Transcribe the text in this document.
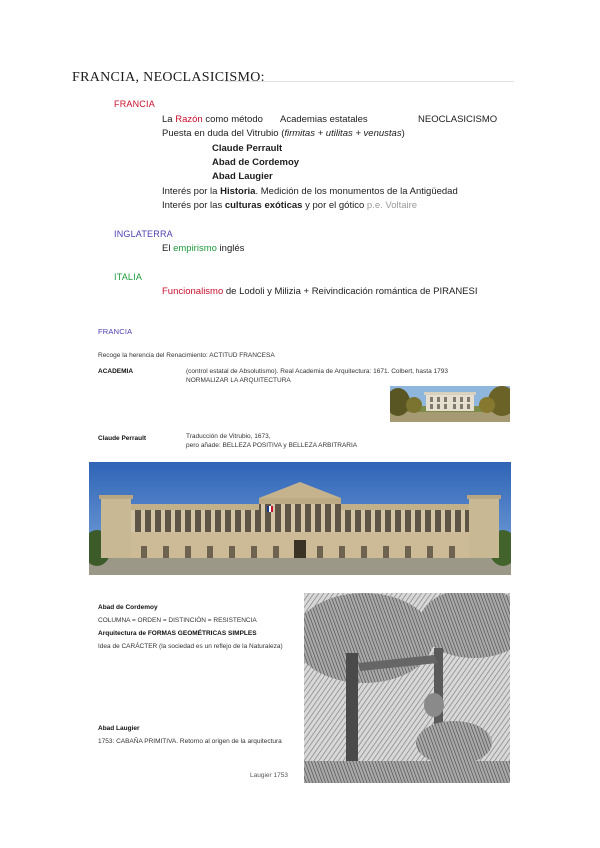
FRANCIA, NEOCLASICISMO:
FRANCIA
La Razón como método Academias estatales	NEOCLASICISMO
Puesta en duda del Vitrubio (firmitas + utilitas + venustas)
Claude Perrault
Abad de Cordemoy
Abad Laugier
Interés por la Historia. Medición de los monumentos de la Antigüedad
Interés por las culturas exóticas y por el gótico p.e. Voltaire
INGLATERRA
El empirismo inglés
ITALIA
Funcionalismo de Lodoli y Milizia + Reivindicación romántica de PIRANESI
FRANCIA
Recoge la herencia del Renacimiento: ACTITUD FRANCESA
ACADEMIA	(control estatal de Absolutismo). Real Academia de Arquitectura: 1671. Colbert, hasta 1793
NORMALIZAR LA ARQUITECTURA
Claude Perrault	Traducción de Vitrubio, 1673,
pero añade: BELLEZA POSITIVA y BELLEZA ARBITRARIA
Abad de Cordemoy
COLUMNA = ORDEN = DISTINCIÓN = RESISTENCIA
Arquitectura de FORMAS GEOMÉTRICAS SIMPLES
Idea de CARÁCTER (la sociedad es un reflejo de la Naturaleza)
Abad Laugier
1753: CABAÑA PRIMITIVA. Retorno al origen de la arquitectura
Laugier 1753
